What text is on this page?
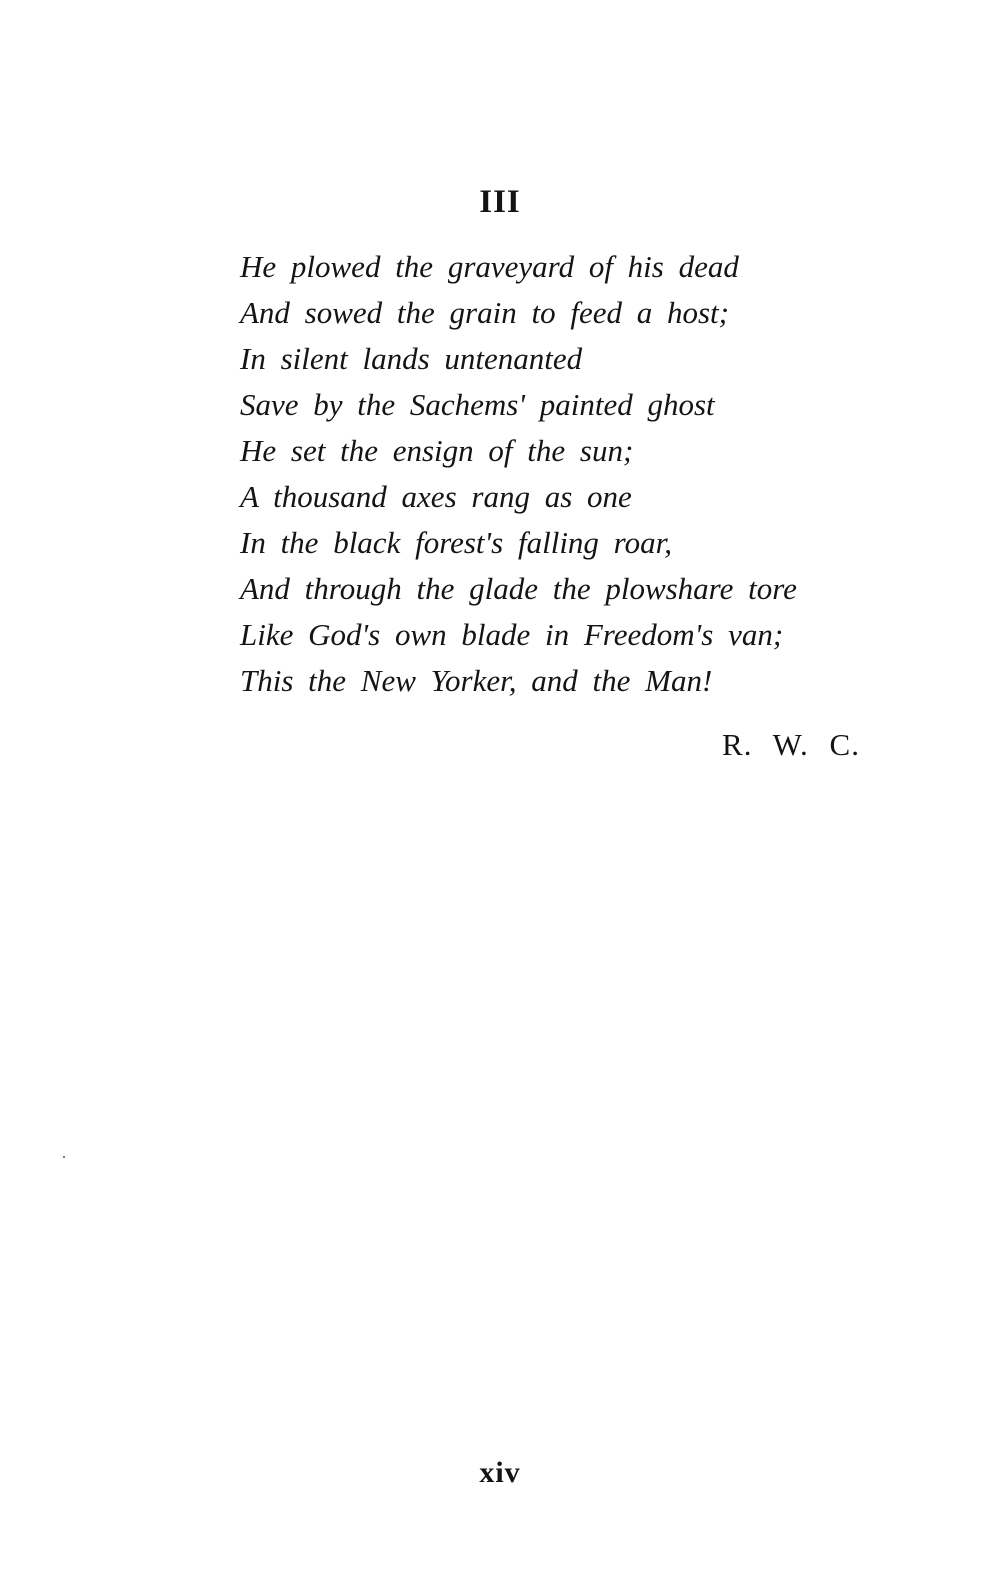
III
He plowed the graveyard of his dead
And sowed the grain to feed a host;
In silent lands untenanted
Save by the Sachems' painted ghost
He set the ensign of the sun;
A thousand axes rang as one
In the black forest's falling roar,
And through the glade the plowshare tore
Like God's own blade in Freedom's van;
This the New Yorker, and the Man!
R. W. C.
xiv
